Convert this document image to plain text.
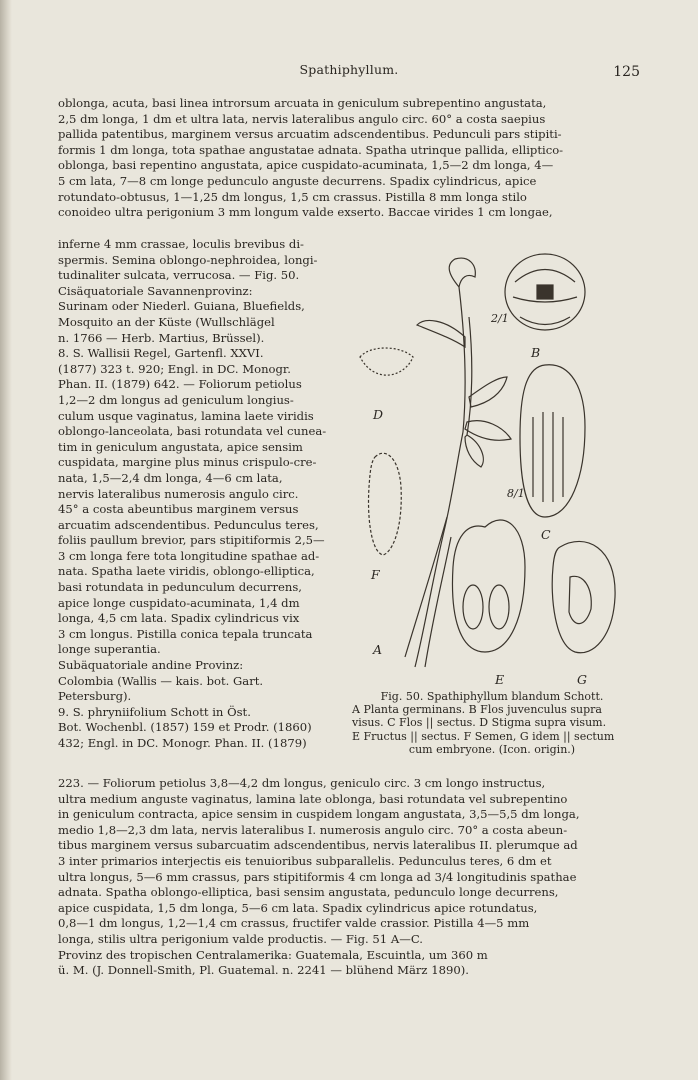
Spathiphyllum.	125
oblonga, acuta, basi linea introrsum arcuata in geniculum subrepentino angustata,
2,5 dm longa, 1 dm et ultra lata, nervis lateralibus angulo circ. 60° a costa saepius
pallida patentibus, marginem versus arcuatim adscendentibus. Pedunculi pars stipiti-
formis 1 dm longa, tota spathae angustatae adnata. Spatha utrinque pallida, elliptico-
oblonga, basi repentino angustata, apice cuspidato-acuminata, 1,5—2 dm longa, 4—
5 cm lata, 7—8 cm longe pedunculo anguste decurrens. Spadix cylindricus, apice
rotundato-obtusus, 1—1,25 dm longus, 1,5 cm crassus. Pistilla 8 mm longa stilo
conoideo ultra perigonium 3 mm longum valde exserto. Baccae virides 1 cm longae,
inferne 4 mm crassae, loculis brevibus di-
spermis. Semina oblongo-nephroidea, longi-
tudinaliter sulcata, verrucosa. — Fig. 50.
Cisäquatoriale Savannenprovinz:
Surinam oder Niederl. Guiana, Bluefields,
Mosquito an der Küste (Wullschlägel
n. 1766 — Herb. Martius, Brüssel).
8. S. Wallisii Regel, Gartenfl. XXVI.
(1877) 323 t. 920; Engl. in DC. Monogr.
Phan. II. (1879) 642. — Foliorum petiolus
1,2—2 dm longus ad geniculum longius-
culum usque vaginatus, lamina laete viridis
oblongo-lanceolata, basi rotundata vel cunea-
tim in geniculum angustata, apice sensim
cuspidata, margine plus minus crispulo-cre-
nata, 1,5—2,4 dm longa, 4—6 cm lata,
nervis lateralibus numerosis angulo circ.
45° a costa abeuntibus marginem versus
arcuatim adscendentibus. Pedunculus teres,
foliis paullum brevior, pars stipitiformis 2,5—
3 cm longa fere tota longitudine spathae ad-
nata. Spatha laete viridis, oblongo-elliptica,
basi rotundata in pedunculum decurrens,
apice longe cuspidato-acuminata, 1,4 dm
longa, 4,5 cm lata. Spadix cylindricus vix
3 cm longus. Pistilla conica tepala truncata
longe superantia.
Subäquatoriale andine Provinz:
Colombia (Wallis — kais. bot. Gart.
Petersburg).
9. S. phryniifolium Schott in Öst.
Bot. Wochenbl. (1857) 159 et Prodr. (1860)
432; Engl. in DC. Monogr. Phan. II. (1879)
A
B
C
D
E
F
G
2/1
8/1
Fig. 50. Spathiphyllum blandum Schott.
A Planta germinans. B Flos juvenculus supra
visus. C Flos || sectus. D Stigma supra visum.
E Fructus || sectus. F Semen, G idem || sectum
cum embryone. (Icon. origin.)
223. — Foliorum petiolus 3,8—4,2 dm longus, geniculo circ. 3 cm longo instructus,
ultra medium anguste vaginatus, lamina late oblonga, basi rotundata vel subrepentino
in geniculum contracta, apice sensim in cuspidem longam angustata, 3,5—5,5 dm longa,
medio 1,8—2,3 dm lata, nervis lateralibus I. numerosis angulo circ. 70° a costa abeun-
tibus marginem versus subarcuatim adscendentibus, nervis lateralibus II. plerumque ad
3 inter primarios interjectis eis tenuioribus subparallelis. Pedunculus teres, 6 dm et
ultra longus, 5—6 mm crassus, pars stipitiformis 4 cm longa ad 3/4 longitudinis spathae
adnata. Spatha oblongo-elliptica, basi sensim angustata, pedunculo longe decurrens,
apice cuspidata, 1,5 dm longa, 5—6 cm lata. Spadix cylindricus apice rotundatus,
0,8—1 dm longus, 1,2—1,4 cm crassus, fructifer valde crassior. Pistilla 4—5 mm
longa, stilis ultra perigonium valde productis. — Fig. 51 A—C.
Provinz des tropischen Centralamerika: Guatemala, Escuintla, um 360 m
ü. M. (J. Donnell-Smith, Pl. Guatemal. n. 2241 — blühend März 1890).
